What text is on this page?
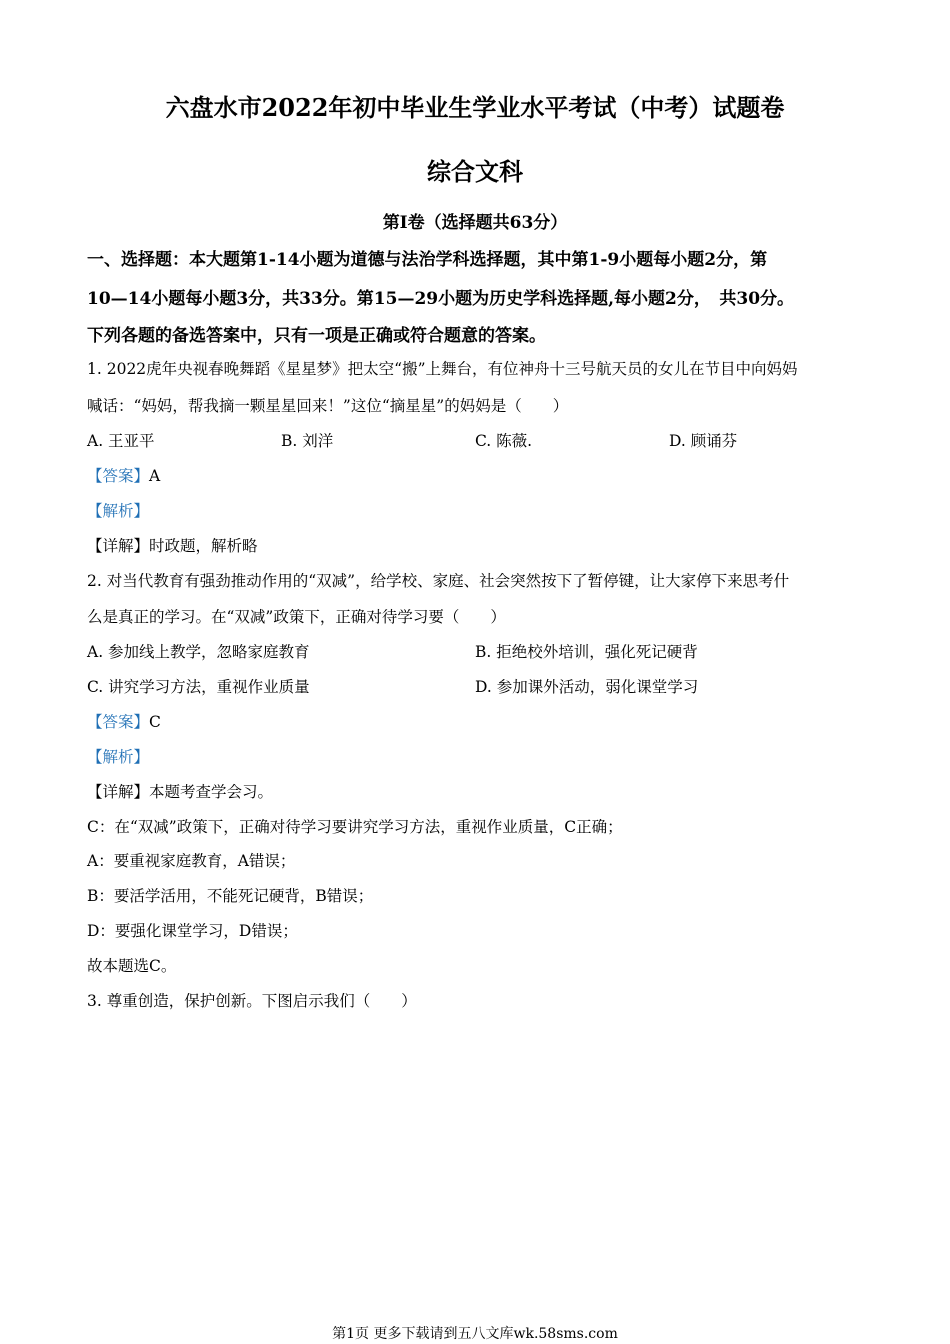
六盘水市2022年初中毕业生学业水平考试（中考）试题卷
综合文科
第Ⅰ卷（选择题共63分）
一、选择题：本大题第1-14小题为道德与法治学科选择题，其中第1-9小题每小题2分，第
10—14小题每小题3分，共33分。第15—29小题为历史学科选择题,每小题2分，　共30分。
下列各题的备选答案中，只有一项是正确或符合题意的答案。
1. 2022虎年央视春晚舞蹈《星星梦》把太空“搬”上舞台，有位神舟十三号航天员的女儿在节目中向妈妈
喊话：“妈妈，帮我摘一颗星星回来！”这位“摘星星”的妈妈是（　　）
A. 王亚平	B. 刘洋	C. 陈薇.	D. 顾诵芬
【答案】A
【解析】
【详解】时政题，解析略
2. 对当代教育有强劲推动作用的“双减”，给学校、家庭、社会突然按下了暂停键，让大家停下来思考什
么是真正的学习。在“双减”政策下，正确对待学习要（　　）
A. 参加线上教学，忽略家庭教育	B. 拒绝校外培训，强化死记硬背
C. 讲究学习方法，重视作业质量	D. 参加课外活动，弱化课堂学习
【答案】C
【解析】
【详解】本题考查学会习。
C：在“双减”政策下，正确对待学习要讲究学习方法，重视作业质量，C正确；
A：要重视家庭教育，A错误；
B：要活学活用，不能死记硬背，B错误；
D：要强化课堂学习，D错误；
故本题选C。
3. 尊重创造，保护创新。下图启示我们（　　）
第1页 更多下载请到五八文库wk.58sms.com
